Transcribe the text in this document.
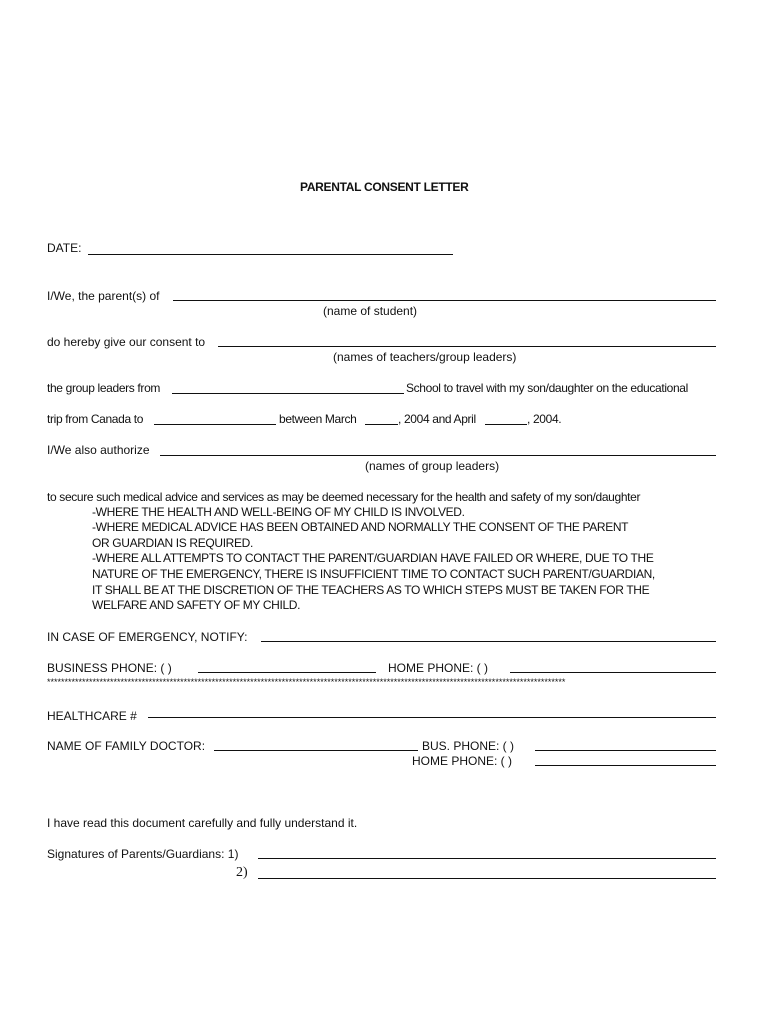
PARENTAL CONSENT LETTER
DATE:
I/We, the parent(s) of
(name of student)
do hereby give our consent to
(names of teachers/group leaders)
the group leaders from	School to travel with my son/daughter on the educational
trip from Canada to	between March	, 2004 and April	, 2004.
I/We also authorize
(names of group leaders)
to secure such medical advice and services as may be deemed necessary for the health and safety of my son/daughter
-WHERE THE HEALTH AND WELL-BEING OF MY CHILD IS INVOLVED.
-WHERE MEDICAL ADVICE HAS BEEN OBTAINED AND NORMALLY THE CONSENT OF THE PARENT
OR GUARDIAN IS REQUIRED.
-WHERE ALL ATTEMPTS TO CONTACT THE PARENT/GUARDIAN HAVE FAILED OR WHERE, DUE TO THE
NATURE OF THE EMERGENCY, THERE IS INSUFFICIENT TIME TO CONTACT SUCH PARENT/GUARDIAN,
IT SHALL BE AT THE DISCRETION OF THE TEACHERS AS TO WHICH STEPS MUST BE TAKEN FOR THE
WELFARE AND SAFETY OF MY CHILD.
IN CASE OF EMERGENCY, NOTIFY:
BUSINESS PHONE: ( )	HOME PHONE: ( )
****************************************************************************************************************************************************
HEALTHCARE #
NAME OF FAMILY DOCTOR:	BUS. PHONE: ( )
HOME PHONE: ( )
I have read this document carefully and fully understand it.
Signatures of Parents/Guardians: 1)
2)
